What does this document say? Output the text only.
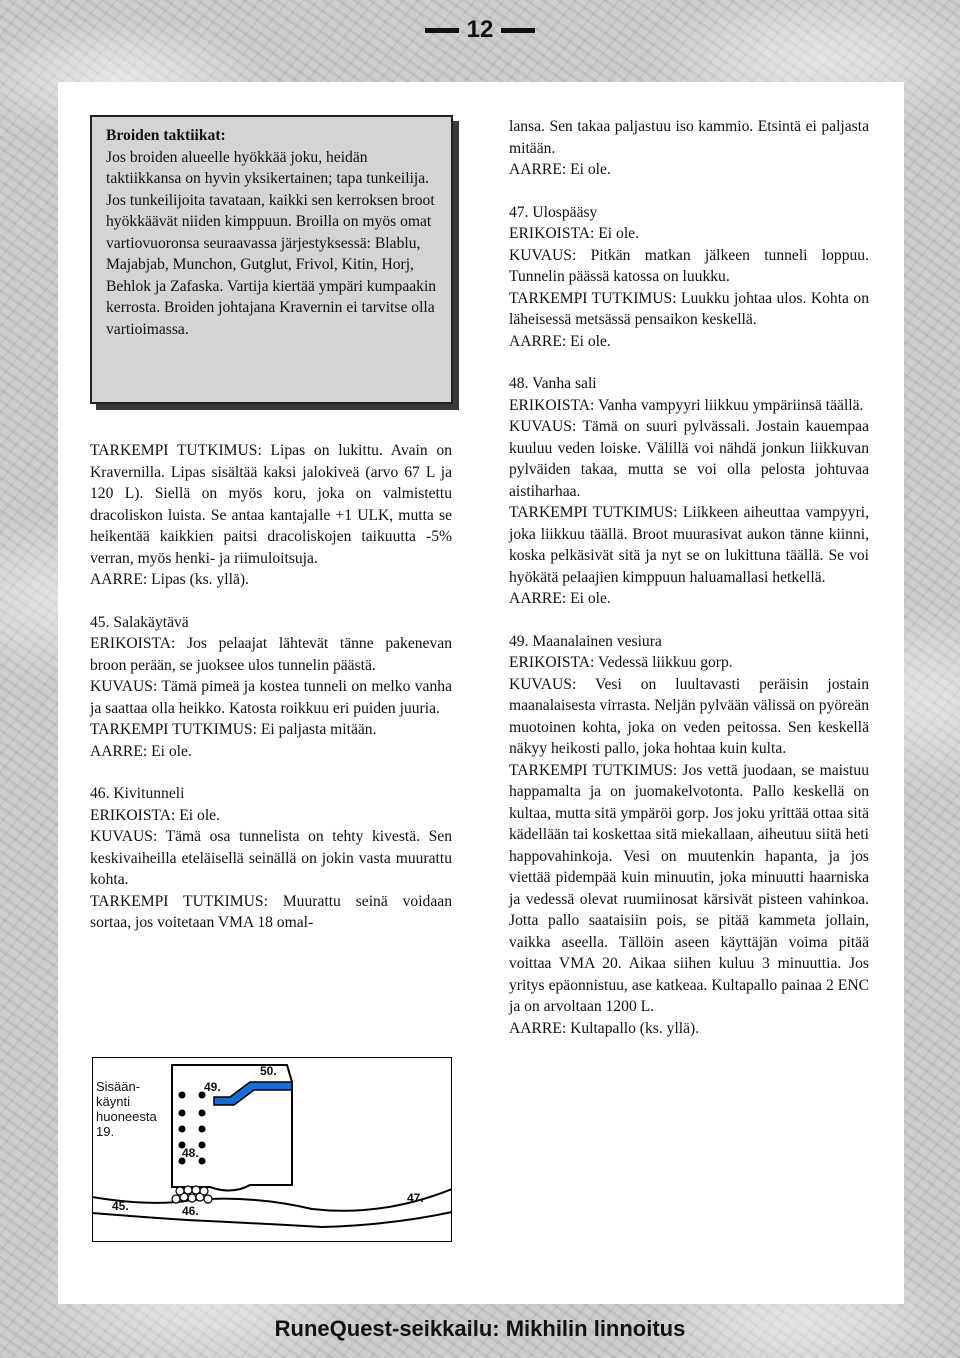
12
Broiden taktiikat:

Jos broiden alueelle hyökkää joku, heidän taktiikkansa on hyvin yksikertainen; tapa tunkeilija. Jos tunkeilijoita tavataan, kaikki sen kerroksen broot hyökkäävät niiden kimppuun. Broilla on myös omat vartiovuoronsa seuraavassa järjestyksessä: Blablu, Majabjab, Munchon, Gutglut, Frivol, Kitin, Horj, Behlok ja Zafaska. Vartija kiertää ympäri kumpaakin kerrosta. Broiden johtajana Kravernin ei tarvitse olla vartioimassa.

TARKEMPI TUTKIMUS: Lipas on lukittu. Avain on Kravernilla. Lipas sisältää kaksi jalokiveä (arvo 67 L ja 120 L). Siellä on myös koru, joka on valmistettu dracoliskon luista. Se antaa kantajalle +1 ULK, mutta se heikentää kaikkien paitsi dracoliskojen taikuutta -5% verran, myös henki- ja riimuloitsuja.

AARRE: Lipas (ks. yllä).

45. Salakäytävä

ERIKOISTA: Jos pelaajat lähtevät tänne pakenevan broon perään, se juoksee ulos tunnelin päästä.

KUVAUS: Tämä pimeä ja kostea tunneli on melko vanha ja saattaa olla heikko. Katosta roikkuu eri puiden juuria.

TARKEMPI TUTKIMUS: Ei paljasta mitään.

AARRE: Ei ole.

46. Kivitunneli

ERIKOISTA: Ei ole.

KUVAUS: Tämä osa tunnelista on tehty kivestä. Sen keskivaiheilla eteläisellä seinällä on jokin vasta muurattu kohta.

TARKEMPI TUTKIMUS: Muurattu seinä voidaan sortaa, jos voitetaan VMA 18 omal-

lansa. Sen takaa paljastuu iso kammio. Etsintä ei paljasta mitään.

AARRE: Ei ole.

47. Ulospääsy

ERIKOISTA: Ei ole.

KUVAUS: Pitkän matkan jälkeen tunneli loppuu. Tunnelin päässä katossa on luukku.

TARKEMPI TUTKIMUS: Luukku johtaa ulos. Kohta on läheisessä metsässä pensaikon keskellä.

AARRE: Ei ole.

48. Vanha sali

ERIKOISTA: Vanha vampyyri liikkuu ympäriinsä täällä.

KUVAUS: Tämä on suuri pylvässali. Jostain kauempaa kuuluu veden loiske. Välillä voi nähdä jonkun liikkuvan pylväiden takaa, mutta se voi olla pelosta johtuvaa aistiharhaa.

TARKEMPI TUTKIMUS: Liikkeen aiheuttaa vampyyri, joka liikkuu täällä. Broot muurasivat aukon tänne kiinni, koska pelkäsivät sitä ja nyt se on lukittuna täällä. Se voi hyökätä pelaajien kimppuun haluamallasi hetkellä.

AARRE: Ei ole.

49. Maanalainen vesiura

ERIKOISTA: Vedessä liikkuu gorp.

KUVAUS: Vesi on luultavasti peräisin jostain maanalaisesta virrasta. Neljän pylvään välissä on pyöreän muotoinen kohta, joka on veden peitossa. Sen keskellä näkyy heikosti pallo, joka hohtaa kuin kulta.

TARKEMPI TUTKIMUS: Jos vettä juodaan, se maistuu happamalta ja on juomakelvotonta. Pallo keskellä on kultaa, mutta sitä ympäröi gorp. Jos joku yrittää ottaa sitä kädellään tai koskettaa sitä miekallaan, aiheutuu siitä heti happovahinkoja. Vesi on muutenkin hapanta, ja jos viettää pidempää kuin minuutin, joka minuutti haarniska ja vedessä olevat ruumiinosat kärsivät pisteen vahinkoa. Jotta pallo saataisiin pois, se pitää kammeta jollain, vaikka aseella. Tällöin aseen käyttäjän voima pitää voittaa VMA 20. Aikaa siihen kuluu 3 minuuttia. Jos yritys epäonnistuu, ase katkeaa. Kultapallo painaa 2 ENC ja on arvoltaan 1200 L.

AARRE: Kultapallo (ks. yllä).

Sisään-
käynti
huoneesta
19.
49.
50.
48.
45.	46.
47.
RuneQuest-seikkailu: Mikhilin linnoitus
